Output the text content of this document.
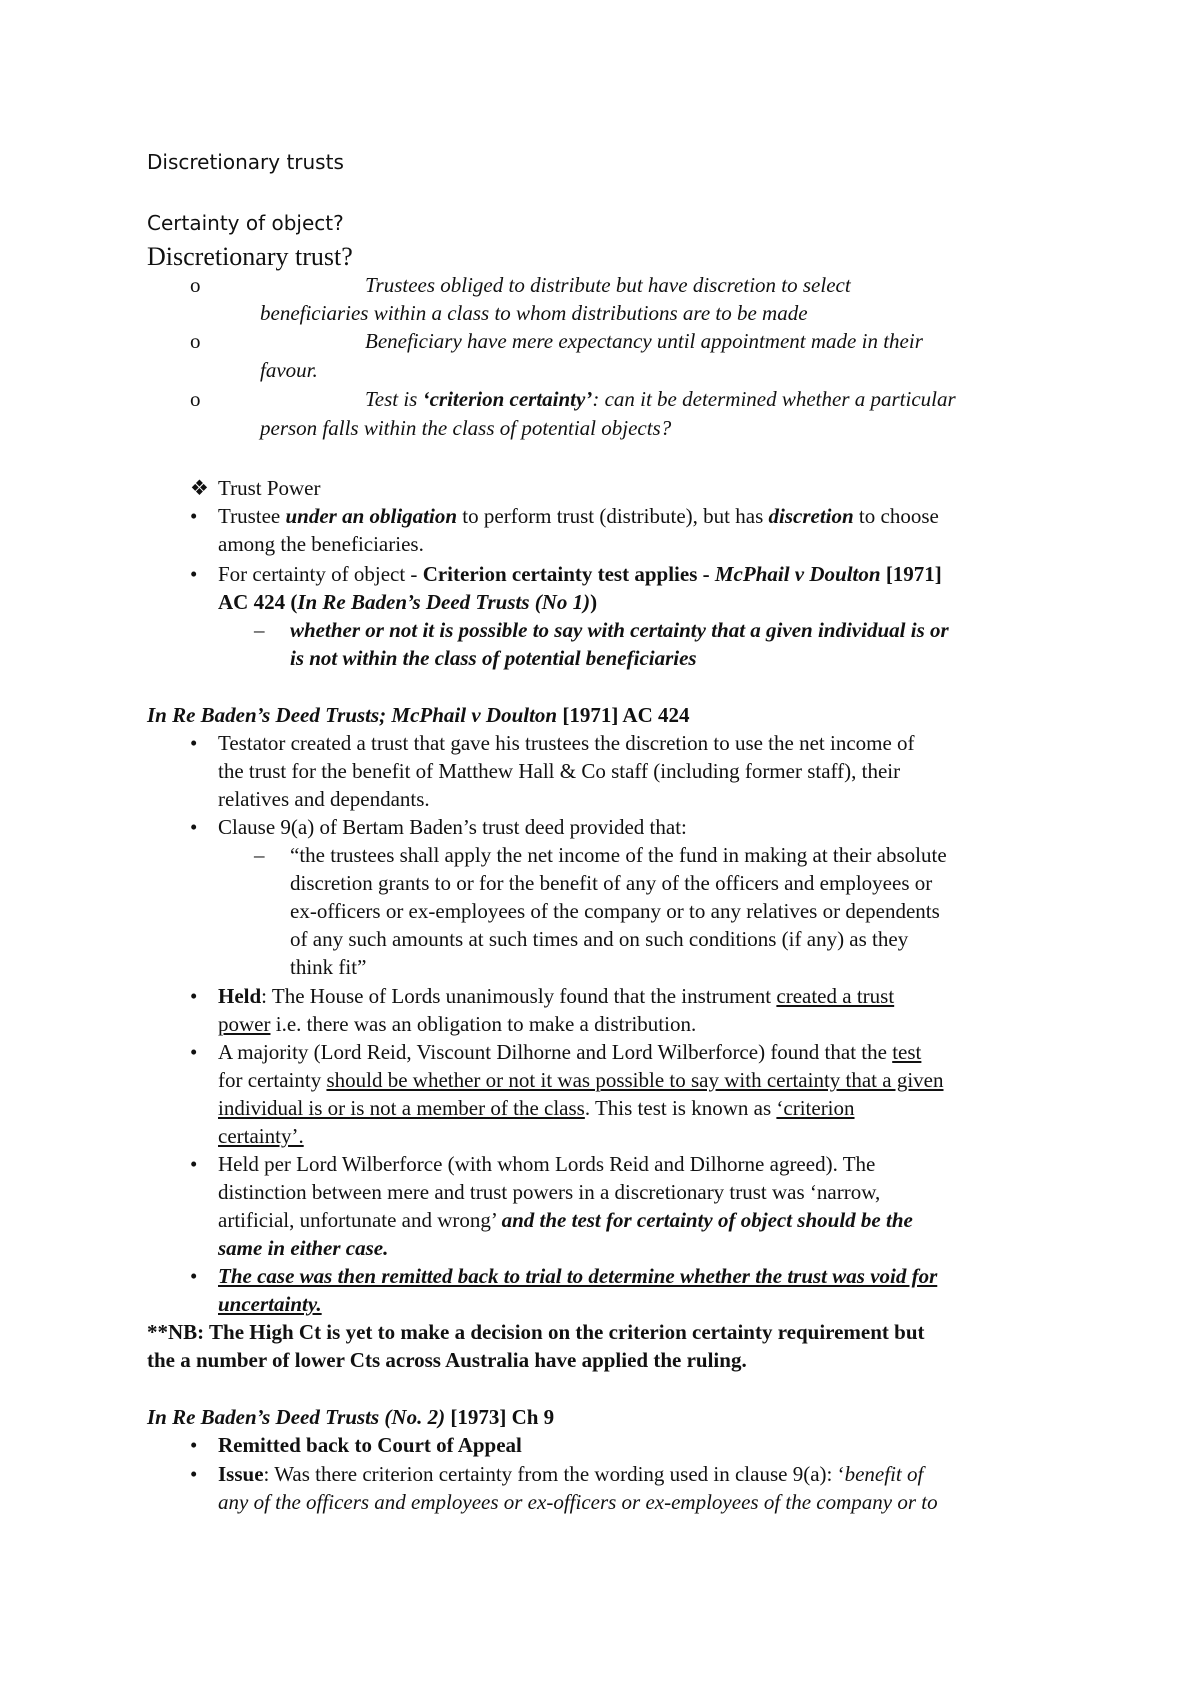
Discretionary trusts
Certainty of object?
Discretionary trust?
o	Trustees obliged to distribute but have discretion to select
beneficiaries within a class to whom distributions are to be made
o	Beneficiary have mere expectancy until appointment made in their
favour.
o	Test is ‘criterion certainty’: can it be determined whether a particular
person falls within the class of potential objects?
❖ Trust Power
• Trustee under an obligation to perform trust (distribute), but has discretion to choose
among the beneficiaries.
• For certainty of object - Criterion certainty test applies - McPhail v Doulton [1971]
AC 424 (In Re Baden’s Deed Trusts (No 1))
– whether or not it is possible to say with certainty that a given individual is or
is not within the class of potential beneficiaries
In Re Baden’s Deed Trusts; McPhail v Doulton [1971] AC 424
• Testator created a trust that gave his trustees the discretion to use the net income of
the trust for the benefit of Matthew Hall & Co staff (including former staff), their
relatives and dependants.
• Clause 9(a) of Bertam Baden’s trust deed provided that:
– “the trustees shall apply the net income of the fund in making at their absolute
discretion grants to or for the benefit of any of the officers and employees or
ex-officers or ex-employees of the company or to any relatives or dependents
of any such amounts at such times and on such conditions (if any) as they
think fit”
• Held: The House of Lords unanimously found that the instrument created a trust
power i.e. there was an obligation to make a distribution.
• A majority (Lord Reid, Viscount Dilhorne and Lord Wilberforce) found that the test
for certainty should be whether or not it was possible to say with certainty that a given
individual is or is not a member of the class. This test is known as ‘criterion
certainty’.
• Held per Lord Wilberforce (with whom Lords Reid and Dilhorne agreed). The
distinction between mere and trust powers in a discretionary trust was ‘narrow,
artificial, unfortunate and wrong’ and the test for certainty of object should be the
same in either case.
• The case was then remitted back to trial to determine whether the trust was void for
uncertainty.
**NB: The High Ct is yet to make a decision on the criterion certainty requirement but
the a number of lower Cts across Australia have applied the ruling.
In Re Baden’s Deed Trusts (No. 2) [1973] Ch 9
• Remitted back to Court of Appeal
• Issue: Was there criterion certainty from the wording used in clause 9(a): ‘benefit of
any of the officers and employees or ex-officers or ex-employees of the company or to
